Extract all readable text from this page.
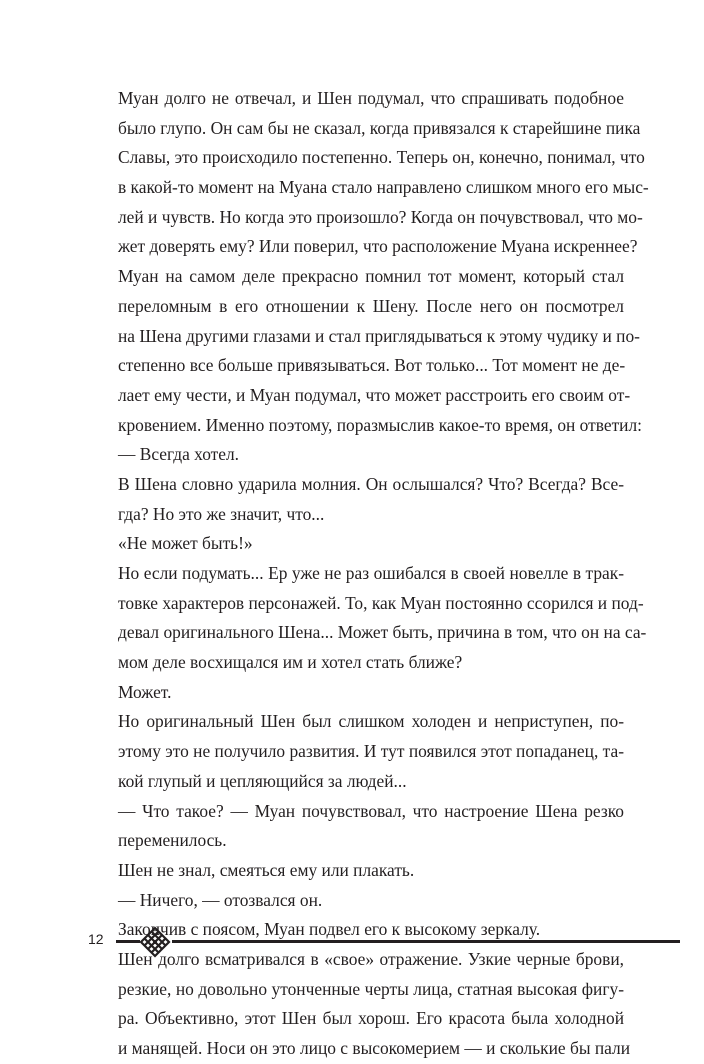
Муан долго не отвечал, и Шен подумал, что спрашивать подобное
было глупо. Он сам бы не сказал, когда привязался к старейшине пика
Славы, это происходило постепенно. Теперь он, конечно, понимал, что
в какой-то момент на Муана стало направлено слишком много его мыс-
лей и чувств. Но когда это произошло? Когда он почувствовал, что мо-
жет доверять ему? Или поверил, что расположение Муана искреннее?
Муан на самом деле прекрасно помнил тот момент, который стал
переломным в его отношении к Шену. После него он посмотрел
на Шена другими глазами и стал приглядываться к этому чудику и по-
степенно все больше привязываться. Вот только... Тот момент не де-
лает ему чести, и Муан подумал, что может расстроить его своим от-
кровением. Именно поэтому, поразмыслив какое-то время, он ответил:
— Всегда хотел.
В Шена словно ударила молния. Он ослышался? Что? Всегда? Все-
гда? Но это же значит, что...
«Не может быть!»
Но если подумать... Ер уже не раз ошибался в своей новелле в трак-
товке характеров персонажей. То, как Муан постоянно ссорился и под-
девал оригинального Шена... Может быть, причина в том, что он на са-
мом деле восхищался им и хотел стать ближе?
Может.
Но оригинальный Шен был слишком холоден и неприступен, по-
этому это не получило развития. И тут появился этот попаданец, та-
кой глупый и цепляющийся за людей...
— Что такое? — Муан почувствовал, что настроение Шена резко
переменилось.
Шен не знал, смеяться ему или плакать.
— Ничего, — отозвался он.
Закончив с поясом, Муан подвел его к высокому зеркалу.
Шен долго всматривался в «свое» отражение. Узкие черные брови,
резкие, но довольно утонченные черты лица, статная высокая фигу-
ра. Объективно, этот Шен был хорош. Его красота была холодной
и манящей. Носи он это лицо с высокомерием — и сколькие бы пали
12
